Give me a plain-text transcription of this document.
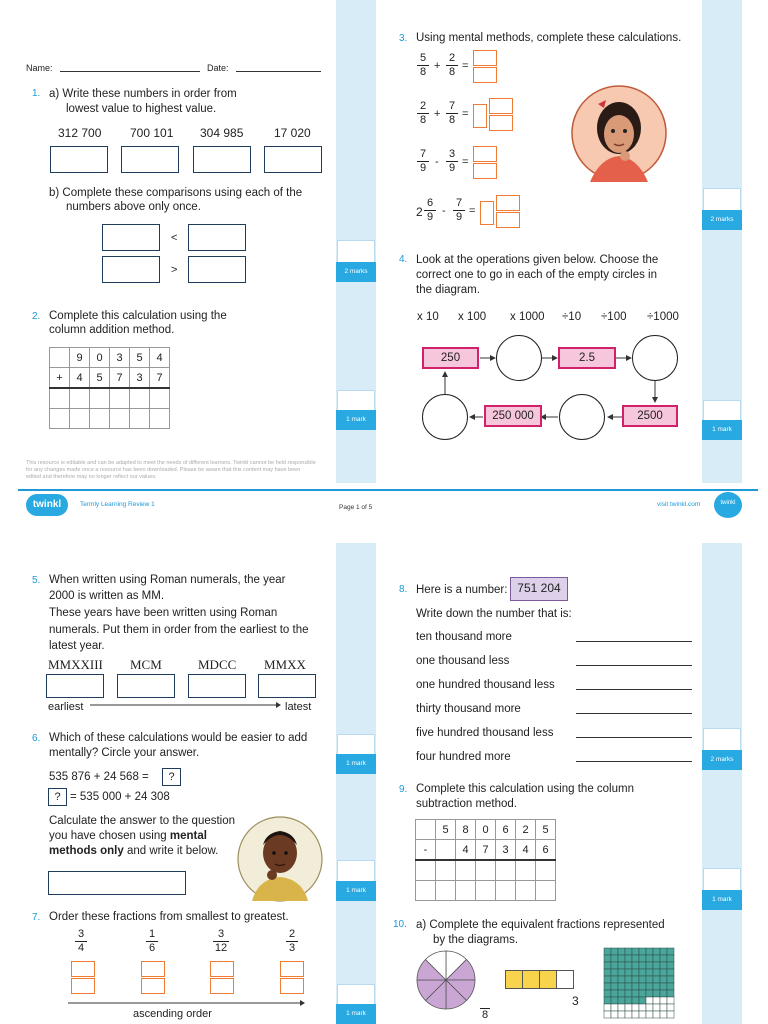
2 marks
1 mark
2 marks
1 mark
Name:	Date:
1. a) Write these numbers in order from
lowest value to highest value.
312 700 700 101 304 985	17 020
b) Complete these comparisons using each of the
numbers above only once.
<
>
2. Complete this calculation using the
column addition method.
	9	0	3	5	4
+	4	5	7	3	7

This resource is editable and can be adapted to meet the needs of different learners. Twinkl cannot be held responsible for any changes made once a resource has been downloaded. Please be aware that this content may have been edited and therefore may no longer reflect our values.
twinkl	Termly Learning Review 1	Page 1 of 5	visit twinkl.com	twinkl
3. Using mental methods, complete these calculations.
$\frac{5}{8} + \frac{2}{8}$ =
$\frac{2}{8} + \frac{7}{8}$ =
$\frac{7}{9} - \frac{3}{9}$ =
$2 \frac{6}{9} - \frac{7}{9}$ =
4. Look at the operations given below. Choose the
correct one to go in each of the empty circles in
the diagram.
x 10 x 100 x 1000 ÷10 ÷100 ÷1000
250	2.5
2500
250 000
1 mark
1 mark
1 mark
2 marks
1 mark
5. When written using Roman numerals, the year
2000 is written as MM.
These years have been written using Roman
numerals. Put them in order from the earliest to the
latest year.
MMXXIII MCM	MDCC MMXX
earliest	latest
6. Which of these calculations would be easier to add
mentally? Circle your answer.
535 876 + 24 568 =	?
? = 535 000 + 24 308
Calculate the answer to the question
you have chosen using mental
methods only and write it below.
7. Order these fractions from smallest to greatest.
$\frac{3}{4}$	$\frac{1}{6}$	$\frac{3}{12}$	$\frac{2}{3}$
ascending order
8. Here is a number: 751 204
Write down the number that is:
ten thousand more
one thousand less
one hundred thousand less
thirty thousand more
five hundred thousand less
four hundred more
9. Complete this calculation using the column
subtraction method.
	5	8	0	6	2	5
-		4	7	3	4	6

10. a) Complete the equivalent fractions represented
by the diagrams.
8
3
